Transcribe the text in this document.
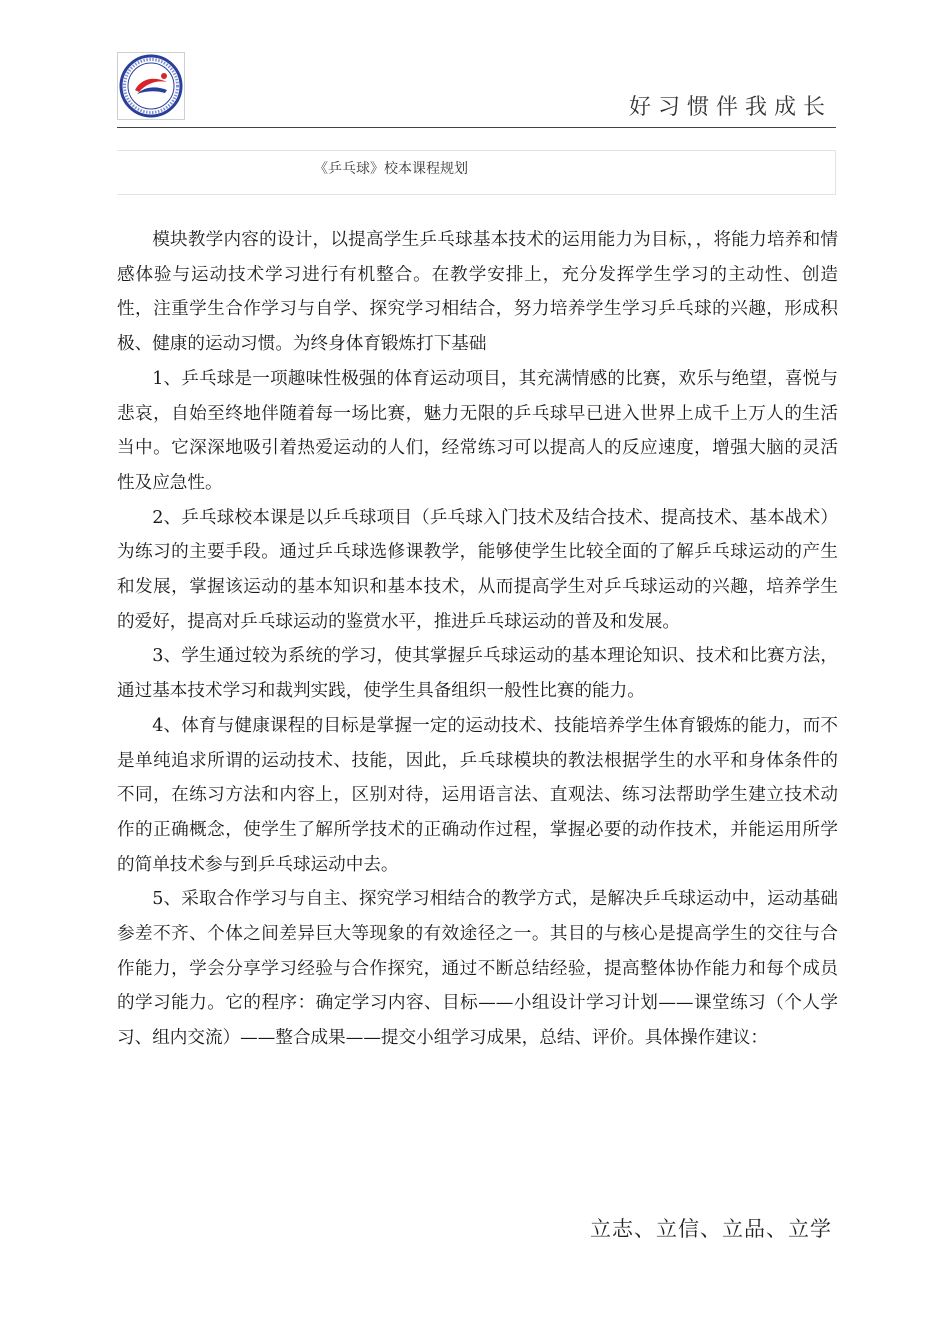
好习惯伴我成长
《乒乓球》校本课程规划

模块教学内容的设计，以提高学生乒乓球基本技术的运用能力为目标，，将能力培养和情感体验与运动技术学习进行有机整合。在教学安排上，充分发挥学生学习的主动性、创造性，注重学生合作学习与自学、探究学习相结合，努力培养学生学习乒乓球的兴趣，形成积极、健康的运动习惯。为终身体育锻炼打下基础

1、乒乓球是一项趣味性极强的体育运动项目，其充满情感的比赛，欢乐与绝望，喜悦与悲哀，自始至终地伴随着每一场比赛，魅力无限的乒乓球早已进入世界上成千上万人的生活当中。它深深地吸引着热爱运动的人们，经常练习可以提高人的反应速度，增强大脑的灵活性及应急性。

2、乒乓球校本课是以乒乓球项目（乒乓球入门技术及结合技术、提高技术、基本战术）为练习的主要手段。通过乒乓球选修课教学，能够使学生比较全面的了解乒乓球运动的产生和发展，掌握该运动的基本知识和基本技术，从而提高学生对乒乓球运动的兴趣，培养学生的爱好，提高对乒乓球运动的鉴赏水平，推进乒乓球运动的普及和发展。

3、学生通过较为系统的学习，使其掌握乒乓球运动的基本理论知识、技术和比赛方法，通过基本技术学习和裁判实践，使学生具备组织一般性比赛的能力。

4、体育与健康课程的目标是掌握一定的运动技术、技能培养学生体育锻炼的能力，而不是单纯追求所谓的运动技术、技能，因此，乒乓球模块的教法根据学生的水平和身体条件的不同，在练习方法和内容上，区别对待，运用语言法、直观法、练习法帮助学生建立技术动作的正确概念，使学生了解所学技术的正确动作过程，掌握必要的动作技术，并能运用所学的简单技术参与到乒乓球运动中去。

5、采取合作学习与自主、探究学习相结合的教学方式，是解决乒乓球运动中，运动基础参差不齐、个体之间差异巨大等现象的有效途径之一。其目的与核心是提高学生的交往与合作能力，学会分享学习经验与合作探究，通过不断总结经验，提高整体协作能力和每个成员的学习能力。它的程序：确定学习内容、目标——小组设计学习计划——课堂练习（个人学习、组内交流）——整合成果——提交小组学习成果，总结、评价。具体操作建议：

立志、立信、立品、立学
